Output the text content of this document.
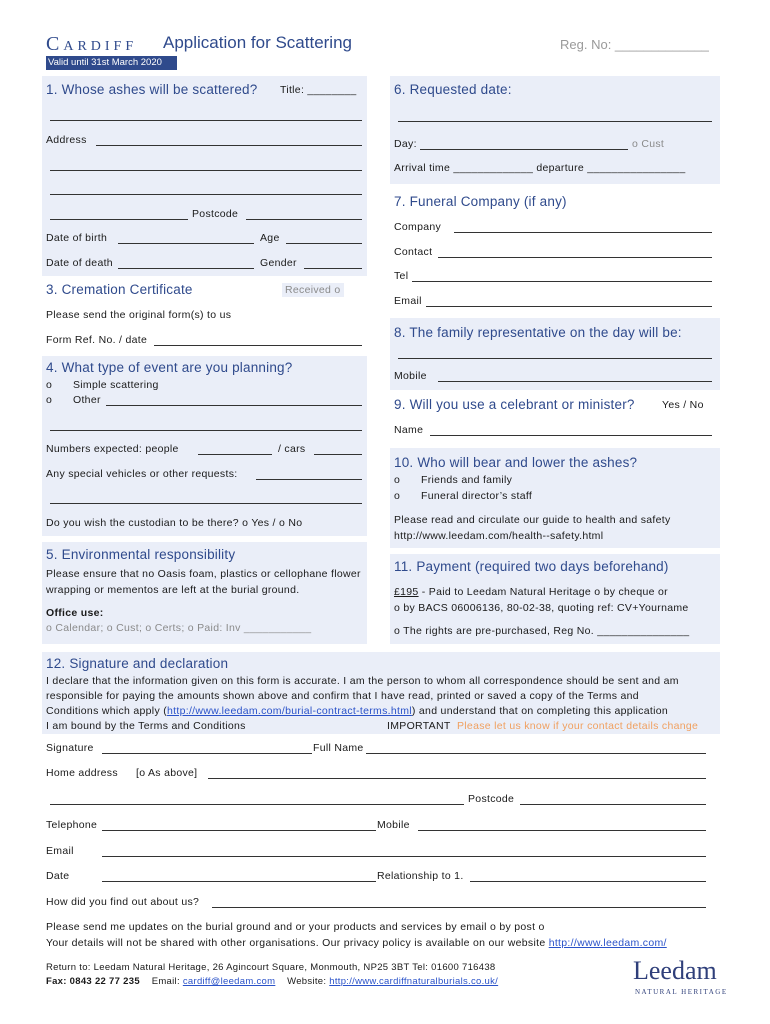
Cardiff Application for Scattering	Reg. No: _____________
Valid until 31st March 2020
1. Whose ashes will be scattered? Title: ________
Address
Postcode
Date of birth	Age
Date of death	Gender
3. Cremation Certificate	Received o
Please send the original form(s) to us
Form Ref. No. / date
4. What type of event are you planning?
o Simple scattering
o Other
Numbers expected: people	/ cars
Any special vehicles or other requests:
Do you wish the custodian to be there? o Yes / o No
5. Environmental responsibility
Please ensure that no Oasis foam, plastics or cellophane flower
wrapping or mementos are left at the burial ground.
Office use:
o Calendar; o Cust; o Certs; o Paid: Inv ___________
6. Requested date:
Day:	o Cust
Arrival time _____________ departure ________________
7. Funeral Company (if any)
Company
Contact
Tel
Email
8. The family representative on the day will be:
Mobile
9. Will you use a celebrant or minister?	Yes / No
Name
10. Who will bear and lower the ashes?
o Friends and family
o Funeral director’s staff
Please read and circulate our guide to health and safety
http://www.leedam.com/health--safety.html
11. Payment (required two days beforehand)
£195 - Paid to Leedam Natural Heritage o by cheque or
o by BACS 06006136, 80-02-38, quoting ref: CV+Yourname
o The rights are pre-purchased, Reg No. _______________
12. Signature and declaration
I declare that the information given on this form is accurate. I am the person to whom all correspondence should be sent and am
responsible for paying the amounts shown above and confirm that I have read, printed or saved a copy of the Terms and
Conditions which apply (http://www.leedam.com/burial-contract-terms.html) and understand that on completing this application
I am bound by the Terms and Conditions	IMPORTANT Please let us know if your contact details change
Signature	Full Name
Home address [o As above]
Postcode
Telephone	Mobile
Email
Date	Relationship to 1.
How did you find out about us?
Please send me updates on the burial ground and or your products and services by email o by post o
Your details will not be shared with other organisations. Our privacy policy is available on our website http://www.leedam.com/
Return to: Leedam Natural Heritage, 26 Agincourt Square, Monmouth, NP25 3BT Tel: 01600 716438
Fax: 0843 22 77 235 Email: cardiff@leedam.com Website: http://www.cardiffnaturalburials.co.uk/	Leedam
NATURAL HERITAGE
